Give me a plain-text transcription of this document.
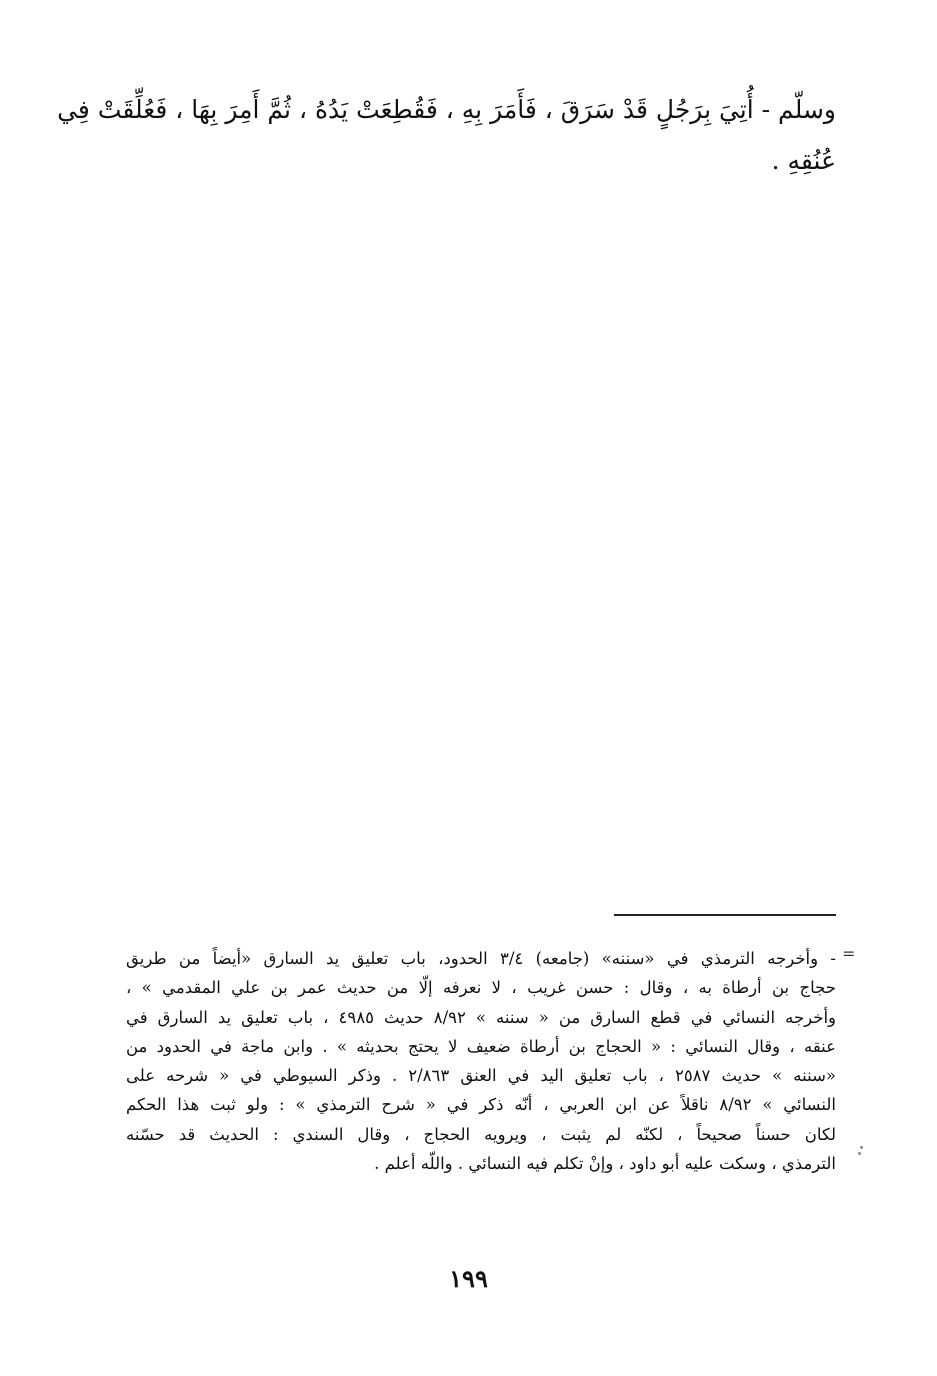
وسلّم - أُتِيَ بِرَجُلٍ قَدْ سَرَقَ ، فَأَمَرَ بِهِ ، فَقُطِعَتْ يَدُهُ ، ثُمَّ أَمِرَ بِهَا ، فَعُلِّقَتْ فِي
عُنُقِهِ .
=
- وأخرجه الترمذي في «سننه» (جامعه) ٣/٤ الحدود، باب تعليق يد السارق «أيضاً من طريق
حجاج بن أرطاة به ، وقال : حسن غريب ، لا نعرفه إلّا من حديث عمر بن علي المقدمي » ،
وأخرجه النسائي في قطع السارق من « سننه » ٨/٩٢ حديث ٤٩٨٥ ، باب تعليق يد السارق في
عنقه ، وقال النسائي : « الحجاج بن أرطاة ضعيف لا يحتج بحديثه » . وابن ماجة في الحدود من
«سننه » حديث ٢٥٨٧ ، باب تعليق اليد في العنق ٢/٨٦٣ . وذكر السيوطي في « شرحه على
النسائي » ٨/٩٢ ناقلاً عن ابن العربي ، أنّه ذكر في « شرح الترمذي » : ولو ثبت هذا الحكم
لكان حسناً صحيحاً ، لكنّه لم يثبت ، ويرويه الحجاج ، وقال السندي : الحديث قد حسّنه
الترمذي ، وسكت عليه أبو داود ، وإنْ تكلم فيه النسائي . واللّه أعلم .
١٩٩
